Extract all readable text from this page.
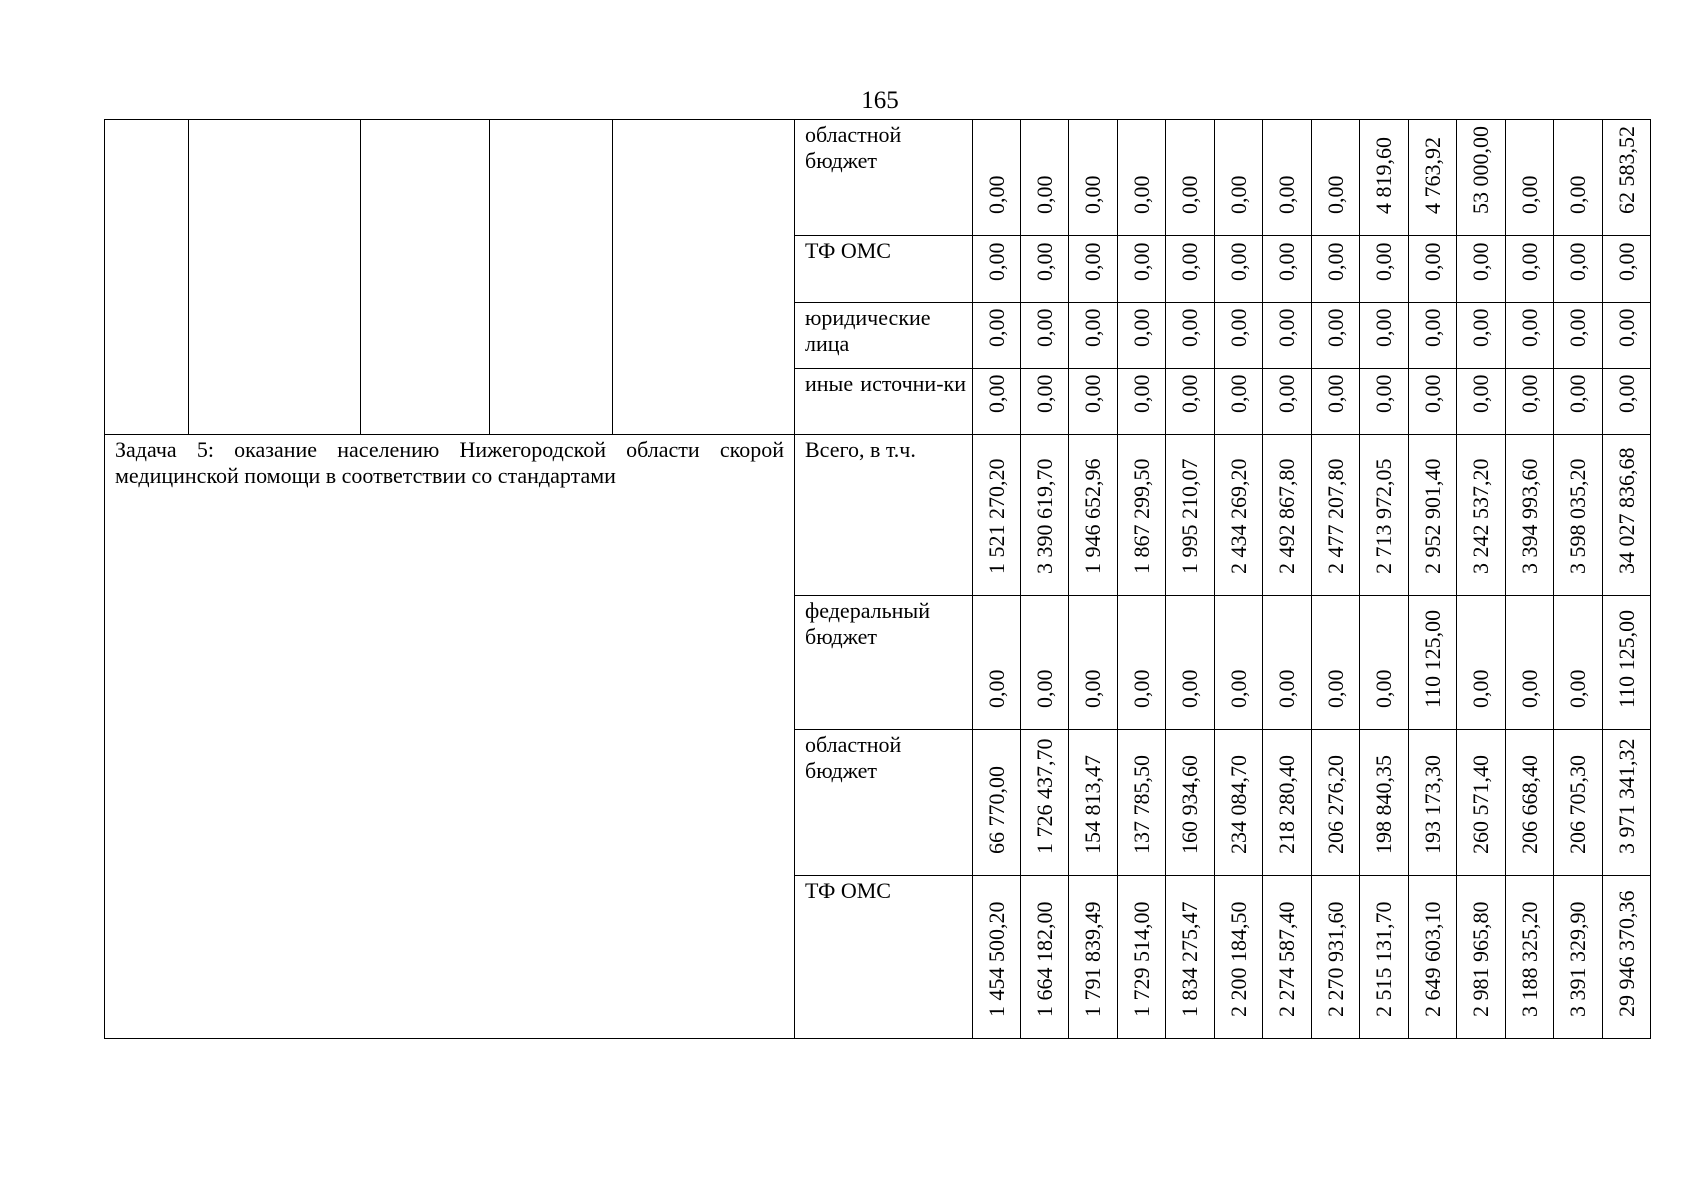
165
					областной бюджет	0,00	0,00	0,00	0,00	0,00	0,00	0,00	0,00	4 819,60	4 763,92	53 000,00	0,00	0,00	62 583,52

					ТФ ОМС	0,00	0,00	0,00	0,00	0,00	0,00	0,00	0,00	0,00	0,00	0,00	0,00	0,00	0,00

					юридические лица	0,00	0,00	0,00	0,00	0,00	0,00	0,00	0,00	0,00	0,00	0,00	0,00	0,00	0,00

					иные источни-ки	0,00	0,00	0,00	0,00	0,00	0,00	0,00	0,00	0,00	0,00	0,00	0,00	0,00	0,00

Задача 5: оказание населению Нижегородской области скорой медицинской помощи в соответствии со стандартами					Всего, в т.ч.	1 521 270,20	3 390 619,70	1 946 652,96	1 867 299,50	1 995 210,07	2 434 269,20	2 492 867,80	2 477 207,80	2 713 972,05	2 952 901,40	3 242 537,20	3 394 993,60	3 598 035,20	34 027 836,68

					федеральный бюджет	0,00	0,00	0,00	0,00	0,00	0,00	0,00	0,00	0,00	110 125,00	0,00	0,00	0,00	110 125,00

					областной бюджет	66 770,00	1 726 437,70	154 813,47	137 785,50	160 934,60	234 084,70	218 280,40	206 276,20	198 840,35	193 173,30	260 571,40	206 668,40	206 705,30	3 971 341,32

					ТФ ОМС	1 454 500,20	1 664 182,00	1 791 839,49	1 729 514,00	1 834 275,47	2 200 184,50	2 274 587,40	2 270 931,60	2 515 131,70	2 649 603,10	2 981 965,80	3 188 325,20	3 391 329,90	29 946 370,36
